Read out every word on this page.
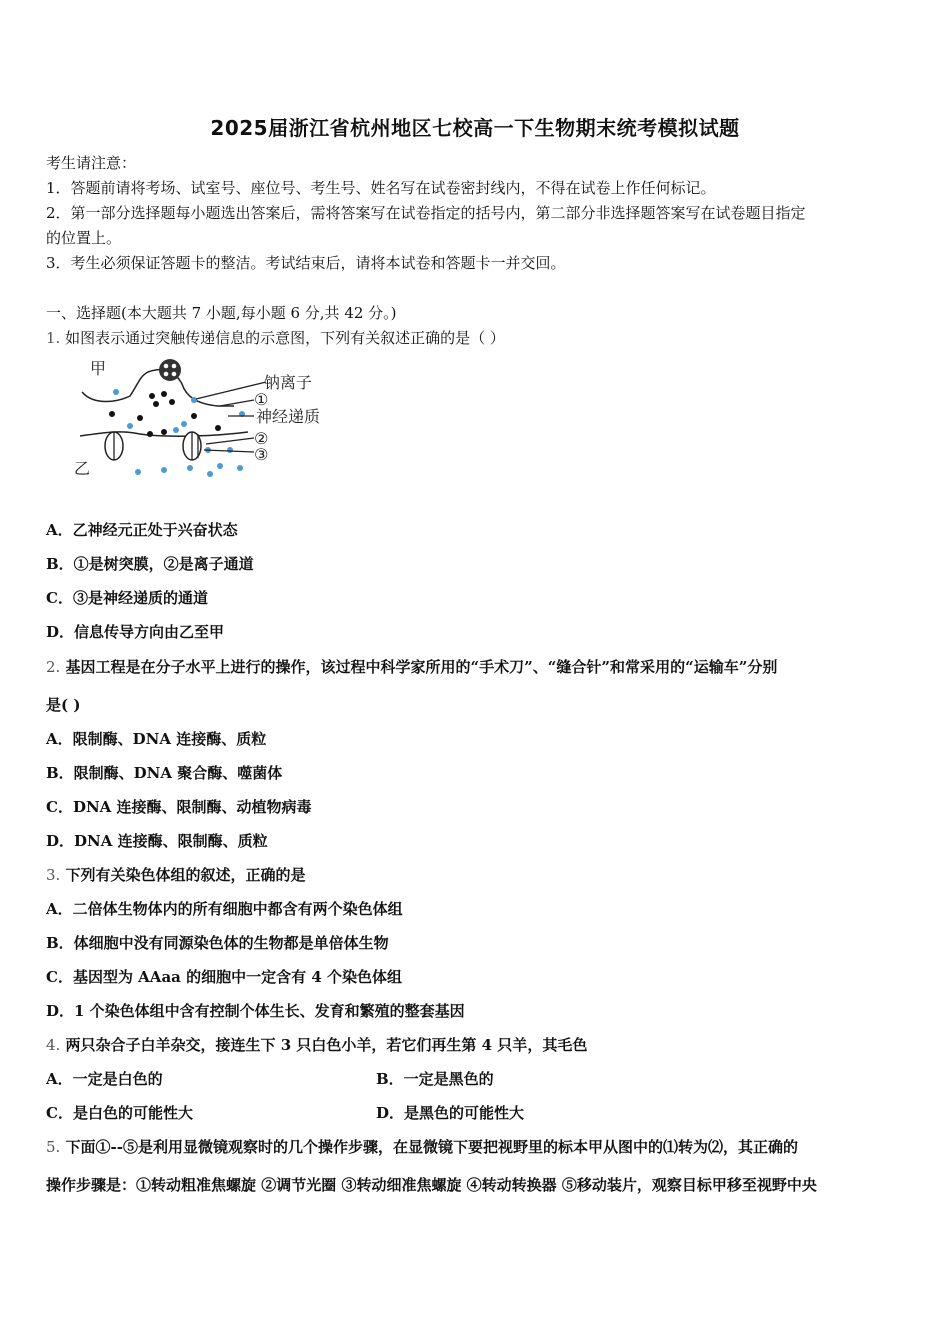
2025届浙江省杭州地区七校高一下生物期末统考模拟试题
考生请注意：
1．答题前请将考场、试室号、座位号、考生号、姓名写在试卷密封线内，不得在试卷上作任何标记。
2．第一部分选择题每小题选出答案后，需将答案写在试卷指定的括号内，第二部分非选择题答案写在试卷题目指定
的位置上。
3．考生必须保证答题卡的整洁。考试结束后，请将本试卷和答题卡一并交回。
一、选择题(本大题共 7 小题,每小题 6 分,共 42 分。)
1. 如图表示通过突触传递信息的示意图，下列有关叙述正确的是（ ）
甲
乙
钠离子
①
神经递质
②
③
A．乙神经元正处于兴奋状态
B．①是树突膜，②是离子通道
C．③是神经递质的通道
D．信息传导方向由乙至甲
2. 基因工程是在分子水平上进行的操作，该过程中科学家所用的“手术刀”、“缝合针”和常采用的“运输车”分别
是( )
A．限制酶、DNA 连接酶、质粒
B．限制酶、DNA 聚合酶、噬菌体
C．DNA 连接酶、限制酶、动植物病毒
D．DNA 连接酶、限制酶、质粒
3. 下列有关染色体组的叙述，正确的是
A．二倍体生物体内的所有细胞中都含有两个染色体组
B．体细胞中没有同源染色体的生物都是单倍体生物
C．基因型为 AAaa 的细胞中一定含有 4 个染色体组
D．1 个染色体组中含有控制个体生长、发育和繁殖的整套基因
4. 两只杂合子白羊杂交，接连生下 3 只白色小羊，若它们再生第 4 只羊，其毛色
A．一定是白色的	B．一定是黑色的
C．是白色的可能性大	D．是黑色的可能性大
5. 下面①--⑤是利用显微镜观察时的几个操作步骤，在显微镜下要把视野里的标本甲从图中的⑴转为⑵，其正确的
操作步骤是：①转动粗准焦螺旋 ②调节光圈 ③转动细准焦螺旋 ④转动转换器 ⑤移动装片，观察目标甲移至视野中央
